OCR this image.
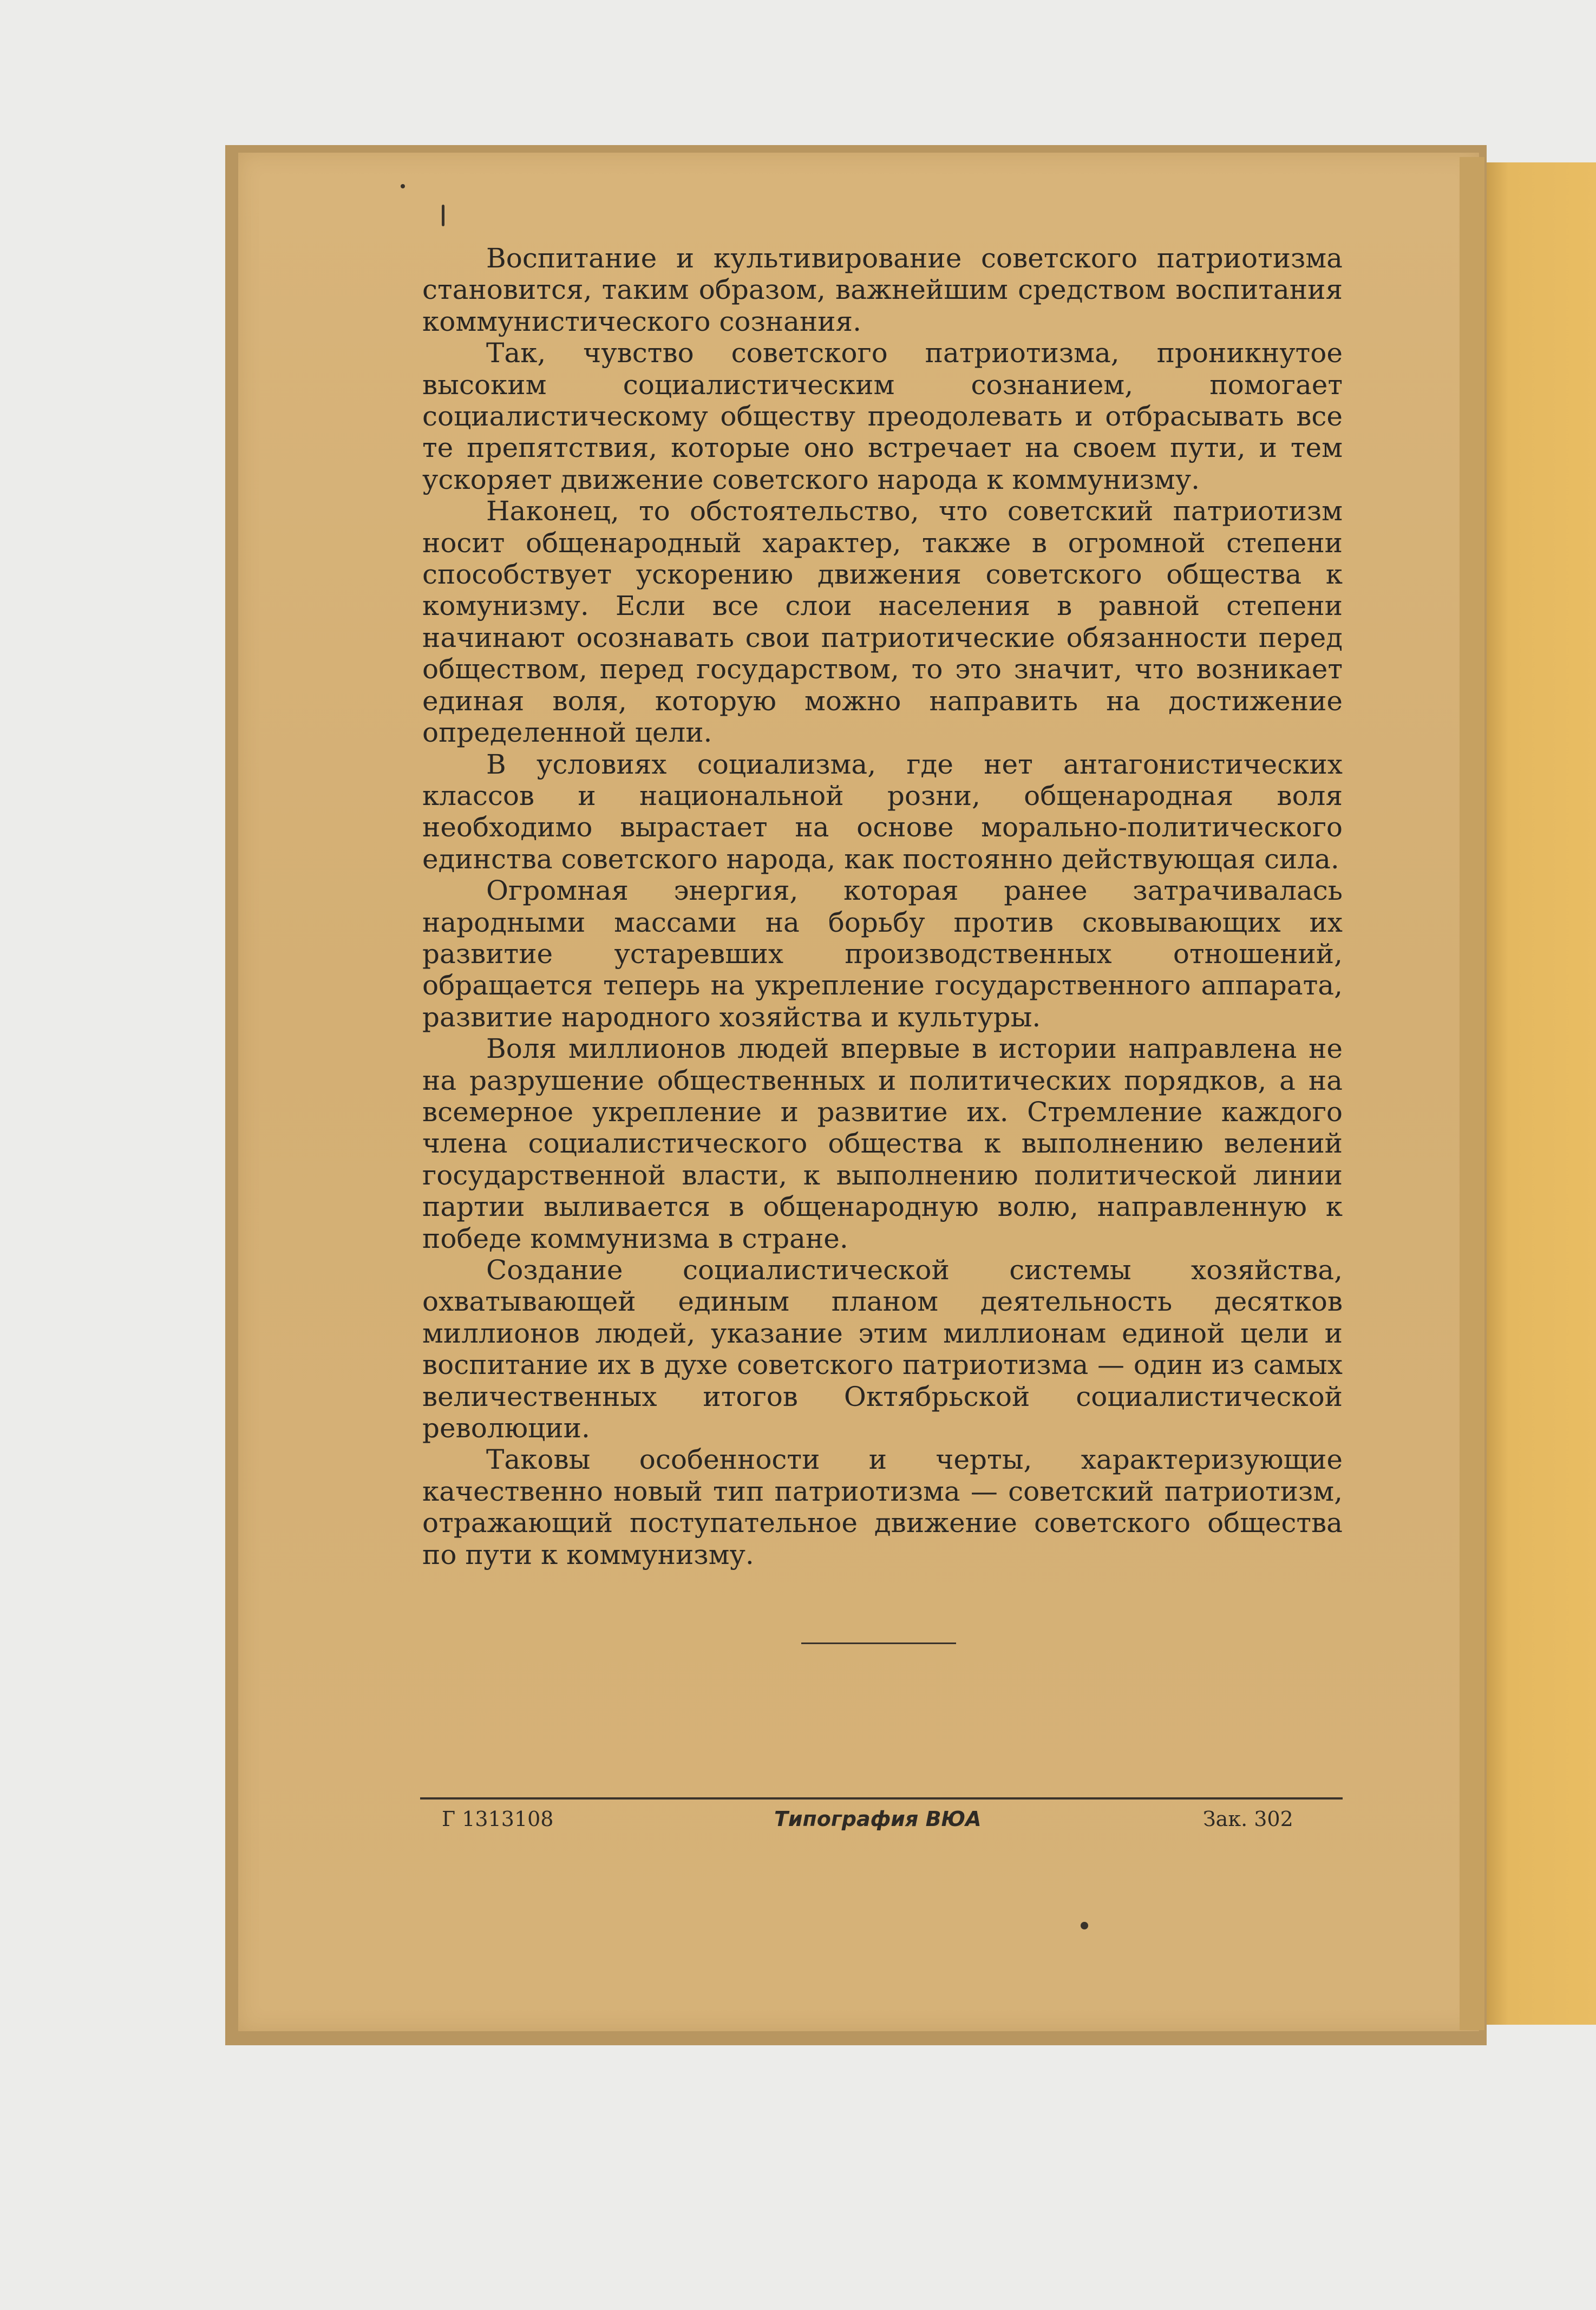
Воспитание и культивирование советского патриотизма становится, таким образом, важнейшим средством воспитания коммунистического сознания.

Так, чувство советского патриотизма, проникнутое высоким социалистическим сознанием, помогает социалистическому обществу преодолевать и отбрасывать все те препятствия, которые оно встречает на своем пути, и тем ускоряет движение советского народа к коммунизму.

Наконец, то обстоятельство, что советский патриотизм носит общенародный характер, также в огромной степени способствует ускорению движения советского общества к комунизму. Если все слои населения в равной степени начинают осознавать свои патриотические обязанности перед обществом, перед государством, то это значит, что возникает единая воля, которую можно направить на достижение определенной цели.

В условиях социализма, где нет антагонистических классов и национальной розни, общенародная воля необходимо вырастает на основе морально-политического единства советского народа, как постоянно действующая сила.

Огромная энергия, которая ранее затрачивалась народными массами на борьбу против сковывающих их развитие устаревших производственных отношений, обращается теперь на укрепление государственного аппарата, развитие народного хозяйства и культуры.

Воля миллионов людей впервые в истории направлена не на разрушение общественных и политических порядков, а на всемерное укрепление и развитие их. Стремление каждого члена социалистического общества к выполнению велений государственной власти, к выполнению политической линии партии выливается в общенародную волю, направленную к победе коммунизма в стране.

Создание социалистической системы хозяйства, охватывающей единым планом деятельность десятков миллионов людей, указание этим миллионам единой цели и воспитание их в духе советского патриотизма — один из самых величественных итогов Октябрьской социалистической революции.

Таковы особенности и черты, характеризующие качественно новый тип патриотизма — советский патриотизм, отражающий поступательное движение советского общества по пути к коммунизму.

Г 1313108	Типография ВЮА	Зак. 302
